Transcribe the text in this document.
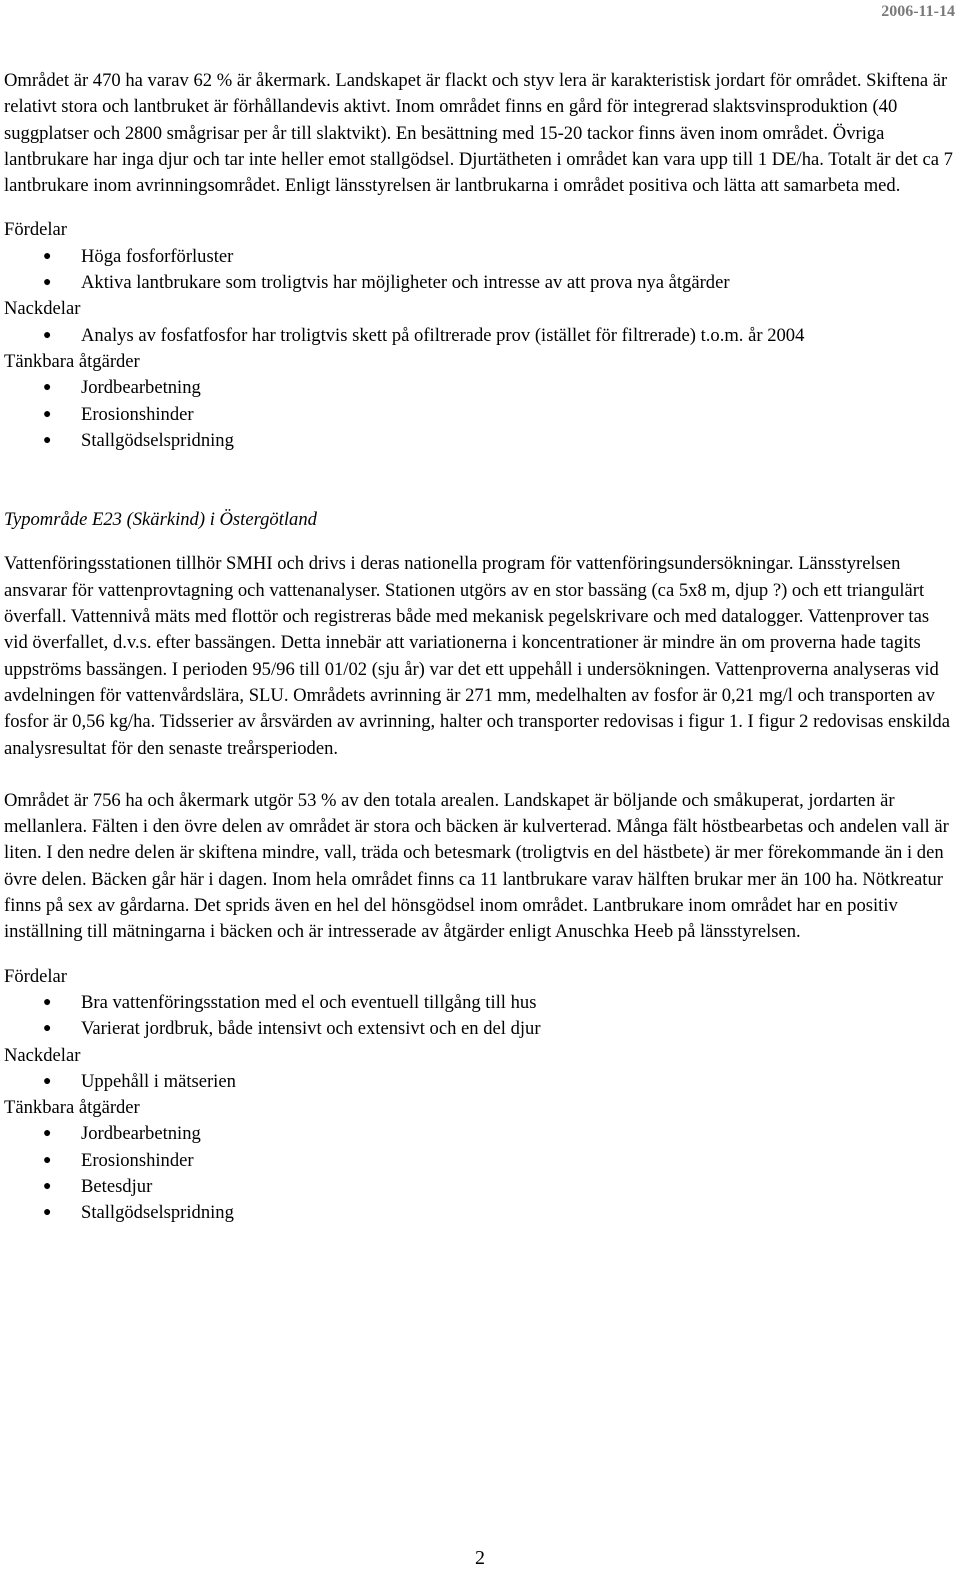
2006-11-14

Området är 470 ha varav 62 % är åkermark. Landskapet är flackt och styv lera är karakteristisk jordart för området. Skiftena är relativt stora och lantbruket är förhållandevis aktivt. Inom området finns en gård för integrerad slaktsvinsproduktion (40 suggplatser och 2800 smågrisar per år till slaktvikt). En besättning med 15-20 tackor finns även inom området. Övriga lantbrukare har inga djur och tar inte heller emot stallgödsel. Djurtätheten i området kan vara upp till 1 DE/ha. Totalt är det ca 7 lantbrukare inom avrinningsområdet. Enligt länsstyrelsen är lantbrukarna i området positiva och lätta att samarbeta med.

Fördelar
● Höga fosforförluster
● Aktiva lantbrukare som troligtvis har möjligheter och intresse av att prova nya åtgärder
Nackdelar
● Analys av fosfatfosfor har troligtvis skett på ofiltrerade prov (istället för filtrerade) t.o.m. år 2004
Tänkbara åtgärder
● Jordbearbetning
● Erosionshinder
● Stallgödselspridning
Typområde E23 (Skärkind) i Östergötland

Vattenföringsstationen tillhör SMHI och drivs i deras nationella program för vattenföringsundersökningar. Länsstyrelsen ansvarar för vattenprovtagning och vattenanalyser. Stationen utgörs av en stor bassäng (ca 5x8 m, djup ?) och ett triangulärt överfall. Vattennivå mäts med flottör och registreras både med mekanisk pegelskrivare och med datalogger. Vattenprover tas vid överfallet, d.v.s. efter bassängen. Detta innebär att variationerna i koncentrationer är mindre än om proverna hade tagits uppströms bassängen. I perioden 95/96 till 01/02 (sju år) var det ett uppehåll i undersökningen. Vattenproverna analyseras vid avdelningen för vattenvårdslära, SLU. Områdets avrinning är 271 mm, medelhalten av fosfor är 0,21 mg/l och transporten av fosfor är 0,56 kg/ha. Tidsserier av årsvärden av avrinning, halter och transporter redovisas i figur 1. I figur 2 redovisas enskilda analysresultat för den senaste treårsperioden.

Området är 756 ha och åkermark utgör 53 % av den totala arealen. Landskapet är böljande och småkuperat, jordarten är mellanlera. Fälten i den övre delen av området är stora och bäcken är kulverterad. Många fält höstbearbetas och andelen vall är liten. I den nedre delen är skiftena mindre, vall, träda och betesmark (troligtvis en del hästbete) är mer förekommande än i den övre delen. Bäcken går här i dagen. Inom hela området finns ca 11 lantbrukare varav hälften brukar mer än 100 ha. Nötkreatur finns på sex av gårdarna. Det sprids även en hel del hönsgödsel inom området. Lantbrukare inom området har en positiv inställning till mätningarna i bäcken och är intresserade av åtgärder enligt Anuschka Heeb på länsstyrelsen.

Fördelar
● Bra vattenföringsstation med el och eventuell tillgång till hus
● Varierat jordbruk, både intensivt och extensivt och en del djur
Nackdelar
● Uppehåll i mätserien
Tänkbara åtgärder
● Jordbearbetning
● Erosionshinder
● Betesdjur
● Stallgödselspridning
2
